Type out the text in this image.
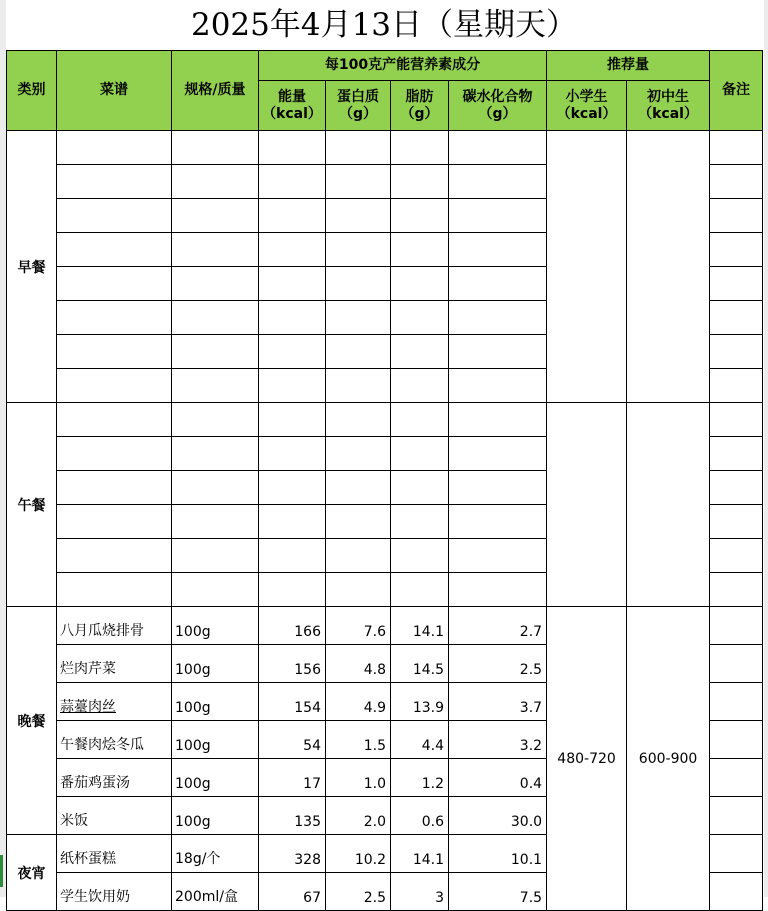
2025年4月13日（星期天）
类别	菜谱	规格/质量	每100克产能营养素成分				推荐量		备注
			能量（kcal）	蛋白质（g）	脂肪（g）	碳水化合物（g）	小学生（kcal）	初中生（kcal）	
早餐									

午餐									

晚餐	八月瓜烧排骨	100g	166	7.6	14.1	2.7	480-720	600-900	
	烂肉芹菜	100g	156	4.8	14.5	2.5			
	蒜薹肉丝	100g	154	4.9	13.9	3.7			
	午餐肉烩冬瓜	100g	54	1.5	4.4	3.2			
	番茄鸡蛋汤	100g	17	1.0	1.2	0.4			
	米饭	100g	135	2.0	0.6	30.0			
夜宵	纸杯蛋糕	18g/个	328	10.2	14.1	10.1			
	学生饮用奶	200ml/盒	67	2.5	3	7.5			
